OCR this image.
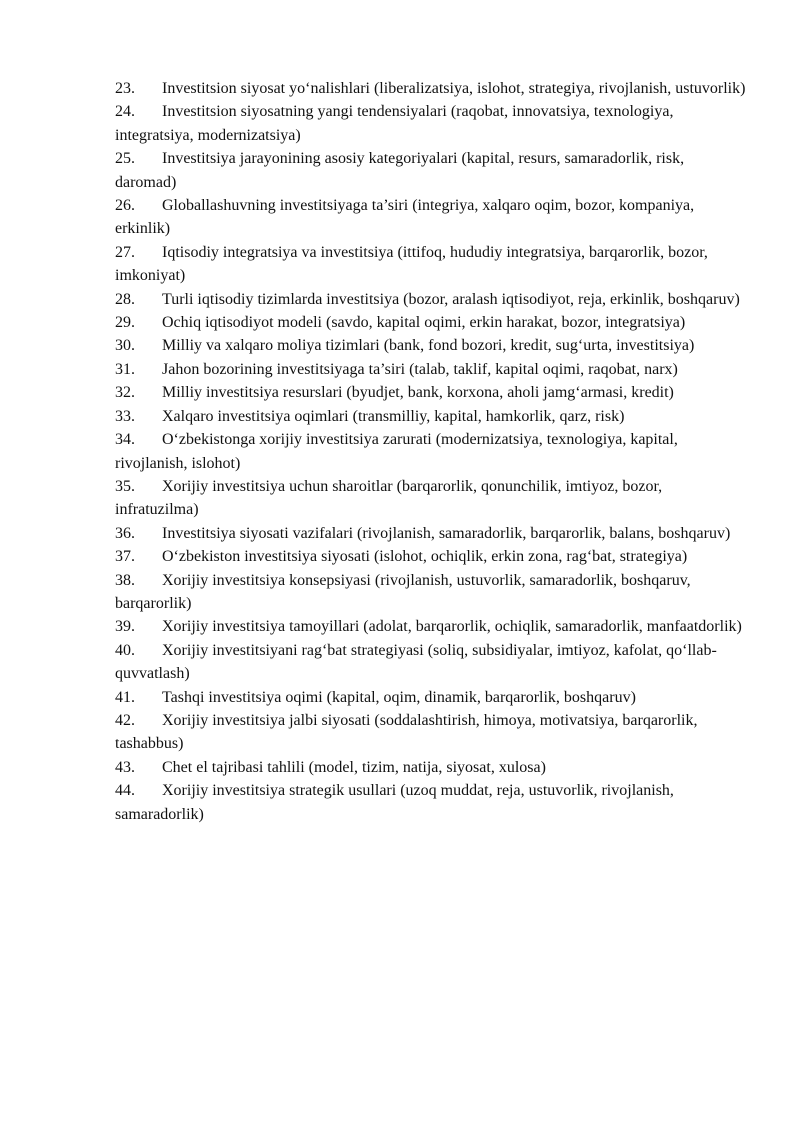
23. Investitsion siyosat yo‘nalishlari (liberalizatsiya, islohot, strategiya, rivojlanish, ustuvorlik)

24. Investitsion siyosatning yangi tendensiyalari (raqobat, innovatsiya, texnologiya, integratsiya, modernizatsiya)

25. Investitsiya jarayonining asosiy kategoriyalari (kapital, resurs, samaradorlik, risk, daromad)

26. Globallashuvning investitsiyaga ta’siri (integriya, xalqaro oqim, bozor, kompaniya, erkinlik)

27. Iqtisodiy integratsiya va investitsiya (ittifoq, hududiy integratsiya, barqarorlik, bozor, imkoniyat)

28. Turli iqtisodiy tizimlarda investitsiya (bozor, aralash iqtisodiyot, reja, erkinlik, boshqaruv)

29. Ochiq iqtisodiyot modeli (savdo, kapital oqimi, erkin harakat, bozor, integratsiya)

30. Milliy va xalqaro moliya tizimlari (bank, fond bozori, kredit, sug‘urta, investitsiya)

31. Jahon bozorining investitsiyaga ta’siri (talab, taklif, kapital oqimi, raqobat, narx)

32. Milliy investitsiya resurslari (byudjet, bank, korxona, aholi jamg‘armasi, kredit)

33. Xalqaro investitsiya oqimlari (transmilliy, kapital, hamkorlik, qarz, risk)

34. O‘zbekistonga xorijiy investitsiya zarurati (modernizatsiya, texnologiya, kapital, rivojlanish, islohot)

35. Xorijiy investitsiya uchun sharoitlar (barqarorlik, qonunchilik, imtiyoz, bozor, infratuzilma)

36. Investitsiya siyosati vazifalari (rivojlanish, samaradorlik, barqarorlik, balans, boshqaruv)

37. O‘zbekiston investitsiya siyosati (islohot, ochiqlik, erkin zona, rag‘bat, strategiya)

38. Xorijiy investitsiya konsepsiyasi (rivojlanish, ustuvorlik, samaradorlik, boshqaruv, barqarorlik)

39. Xorijiy investitsiya tamoyillari (adolat, barqarorlik, ochiqlik, samaradorlik, manfaatdorlik)

40. Xorijiy investitsiyani rag‘bat strategiyasi (soliq, subsidiyalar, imtiyoz, kafolat, qo‘llab-quvvatlash)

41. Tashqi investitsiya oqimi (kapital, oqim, dinamik, barqarorlik, boshqaruv)

42. Xorijiy investitsiya jalbi siyosati (soddalashtirish, himoya, motivatsiya, barqarorlik, tashabbus)

43. Chet el tajribasi tahlili (model, tizim, natija, siyosat, xulosa)

44. Xorijiy investitsiya strategik usullari (uzoq muddat, reja, ustuvorlik, rivojlanish, samaradorlik)
